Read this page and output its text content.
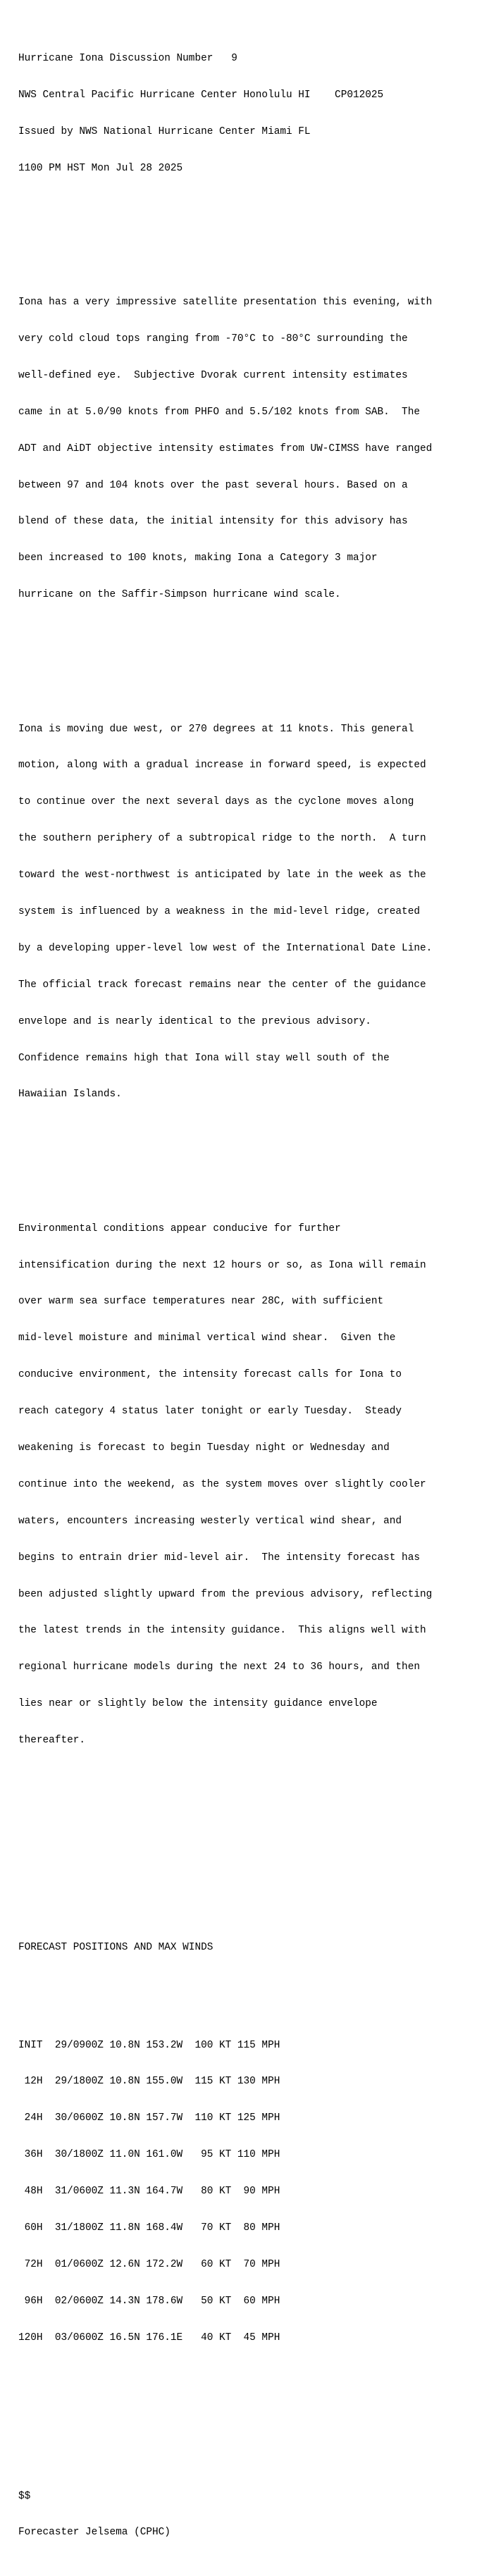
Hurricane Iona Discussion Number   9

NWS Central Pacific Hurricane Center Honolulu HI    CP012025

Issued by NWS National Hurricane Center Miami FL

1100 PM HST Mon Jul 28 2025

Iona has a very impressive satellite presentation this evening, with

very cold cloud tops ranging from -70°C to -80°C surrounding the

well-defined eye.  Subjective Dvorak current intensity estimates

came in at 5.0/90 knots from PHFO and 5.5/102 knots from SAB.  The

ADT and AiDT objective intensity estimates from UW-CIMSS have ranged

between 97 and 104 knots over the past several hours. Based on a

blend of these data, the initial intensity for this advisory has

been increased to 100 knots, making Iona a Category 3 major

hurricane on the Saffir-Simpson hurricane wind scale.

Iona is moving due west, or 270 degrees at 11 knots. This general

motion, along with a gradual increase in forward speed, is expected

to continue over the next several days as the cyclone moves along

the southern periphery of a subtropical ridge to the north.  A turn

toward the west-northwest is anticipated by late in the week as the

system is influenced by a weakness in the mid-level ridge, created

by a developing upper-level low west of the International Date Line.

The official track forecast remains near the center of the guidance

envelope and is nearly identical to the previous advisory.

Confidence remains high that Iona will stay well south of the

Hawaiian Islands.

Environmental conditions appear conducive for further

intensification during the next 12 hours or so, as Iona will remain

over warm sea surface temperatures near 28C, with sufficient

mid-level moisture and minimal vertical wind shear.  Given the

conducive environment, the intensity forecast calls for Iona to

reach category 4 status later tonight or early Tuesday.  Steady

weakening is forecast to begin Tuesday night or Wednesday and

continue into the weekend, as the system moves over slightly cooler

waters, encounters increasing westerly vertical wind shear, and

begins to entrain drier mid-level air.  The intensity forecast has

been adjusted slightly upward from the previous advisory, reflecting

the latest trends in the intensity guidance.  This aligns well with

regional hurricane models during the next 24 to 36 hours, and then

lies near or slightly below the intensity guidance envelope

thereafter.

FORECAST POSITIONS AND MAX WINDS

INIT  29/0900Z 10.8N 153.2W  100 KT 115 MPH

12H  29/1800Z 10.8N 155.0W  115 KT 130 MPH

24H  30/0600Z 10.8N 157.7W  110 KT 125 MPH

36H  30/1800Z 11.0N 161.0W   95 KT 110 MPH

48H  31/0600Z 11.3N 164.7W   80 KT  90 MPH

60H  31/1800Z 11.8N 168.4W   70 KT  80 MPH

72H  01/0600Z 12.6N 172.2W   60 KT  70 MPH

96H  02/0600Z 14.3N 178.6W   50 KT  60 MPH

120H  03/0600Z 16.5N 176.1E   40 KT  45 MPH

$$

Forecaster Jelsema (CPHC)
